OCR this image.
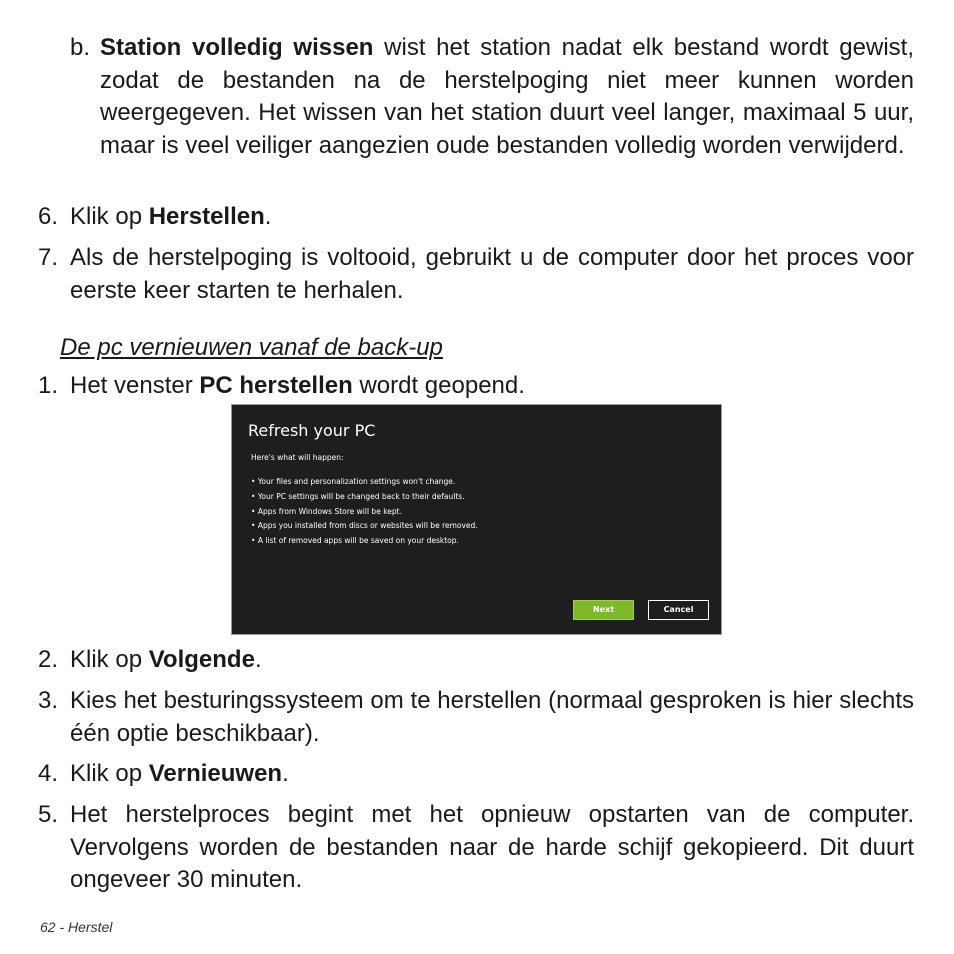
b. Station volledig wissen wist het station nadat elk bestand wordt gewist, zodat de bestanden na de herstelpoging niet meer kunnen worden weergegeven. Het wissen van het station duurt veel langer, maximaal 5 uur, maar is veel veiliger aangezien oude bestanden volledig worden verwijderd.
6. Klik op Herstellen.
7. Als de herstelpoging is voltooid, gebruikt u de computer door het proces voor eerste keer starten te herhalen.
De pc vernieuwen vanaf de back-up
1. Het venster PC herstellen wordt geopend.
Refresh your PC
Here's what will happen:
• Your files and personalization settings won't change.
• Your PC settings will be changed back to their defaults.
• Apps from Windows Store will be kept.
• Apps you installed from discs or websites will be removed.
• A list of removed apps will be saved on your desktop.
Next	Cancel
2. Klik op Volgende.
3. Kies het besturingssysteem om te herstellen (normaal gesproken is hier slechts één optie beschikbaar).
4. Klik op Vernieuwen.
5. Het herstelproces begint met het opnieuw opstarten van de computer. Vervolgens worden de bestanden naar de harde schijf gekopieerd. Dit duurt ongeveer 30 minuten.
62 - Herstel
